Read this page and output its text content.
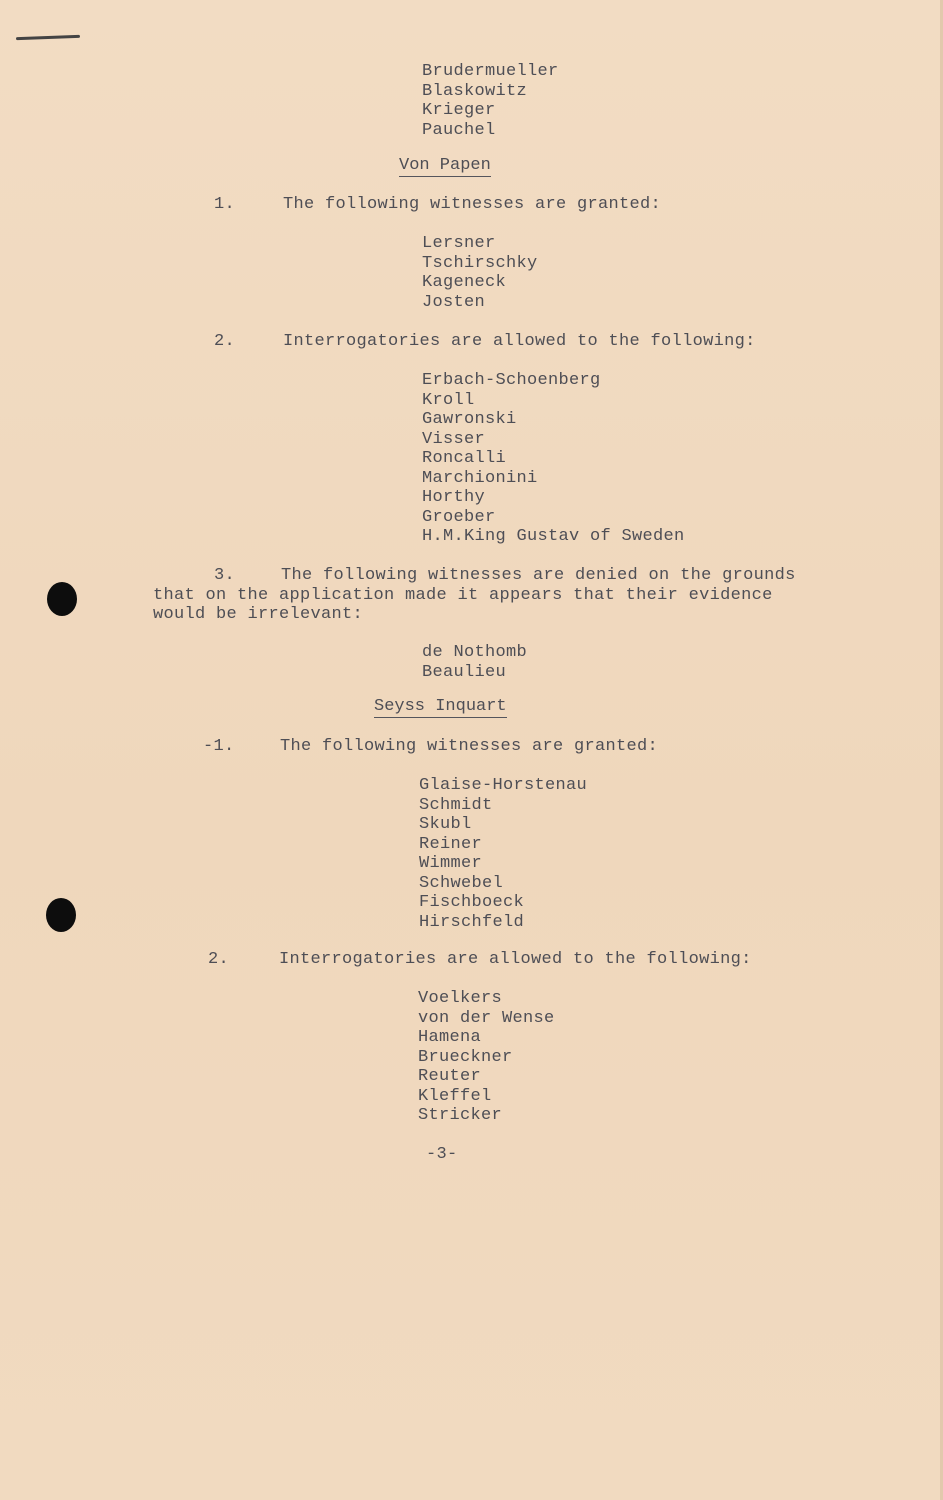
Brudermueller
Blaskowitz
Krieger
Pauchel
Von Papen
1.	The following witnesses are granted:
Lersner
Tschirschky
Kageneck
Josten
2.	Interrogatories are allowed to the following:
Erbach-Schoenberg
Kroll
Gawronski
Visser
Roncalli
Marchionini
Horthy
Groeber
H.M.King Gustav of Sweden
3.	The following witnesses are denied on the grounds
that on the application made it appears that their evidence
would be irrelevant:
de Nothomb
Beaulieu
Seyss Inquart
-1.	The following witnesses are granted:
Glaise-Horstenau
Schmidt
Skubl
Reiner
Wimmer
Schwebel
Fischboeck
Hirschfeld
2.	Interrogatories are allowed to the following:
Voelkers
von der Wense
Hamena
Brueckner
Reuter
Kleffel
Stricker
-3-
